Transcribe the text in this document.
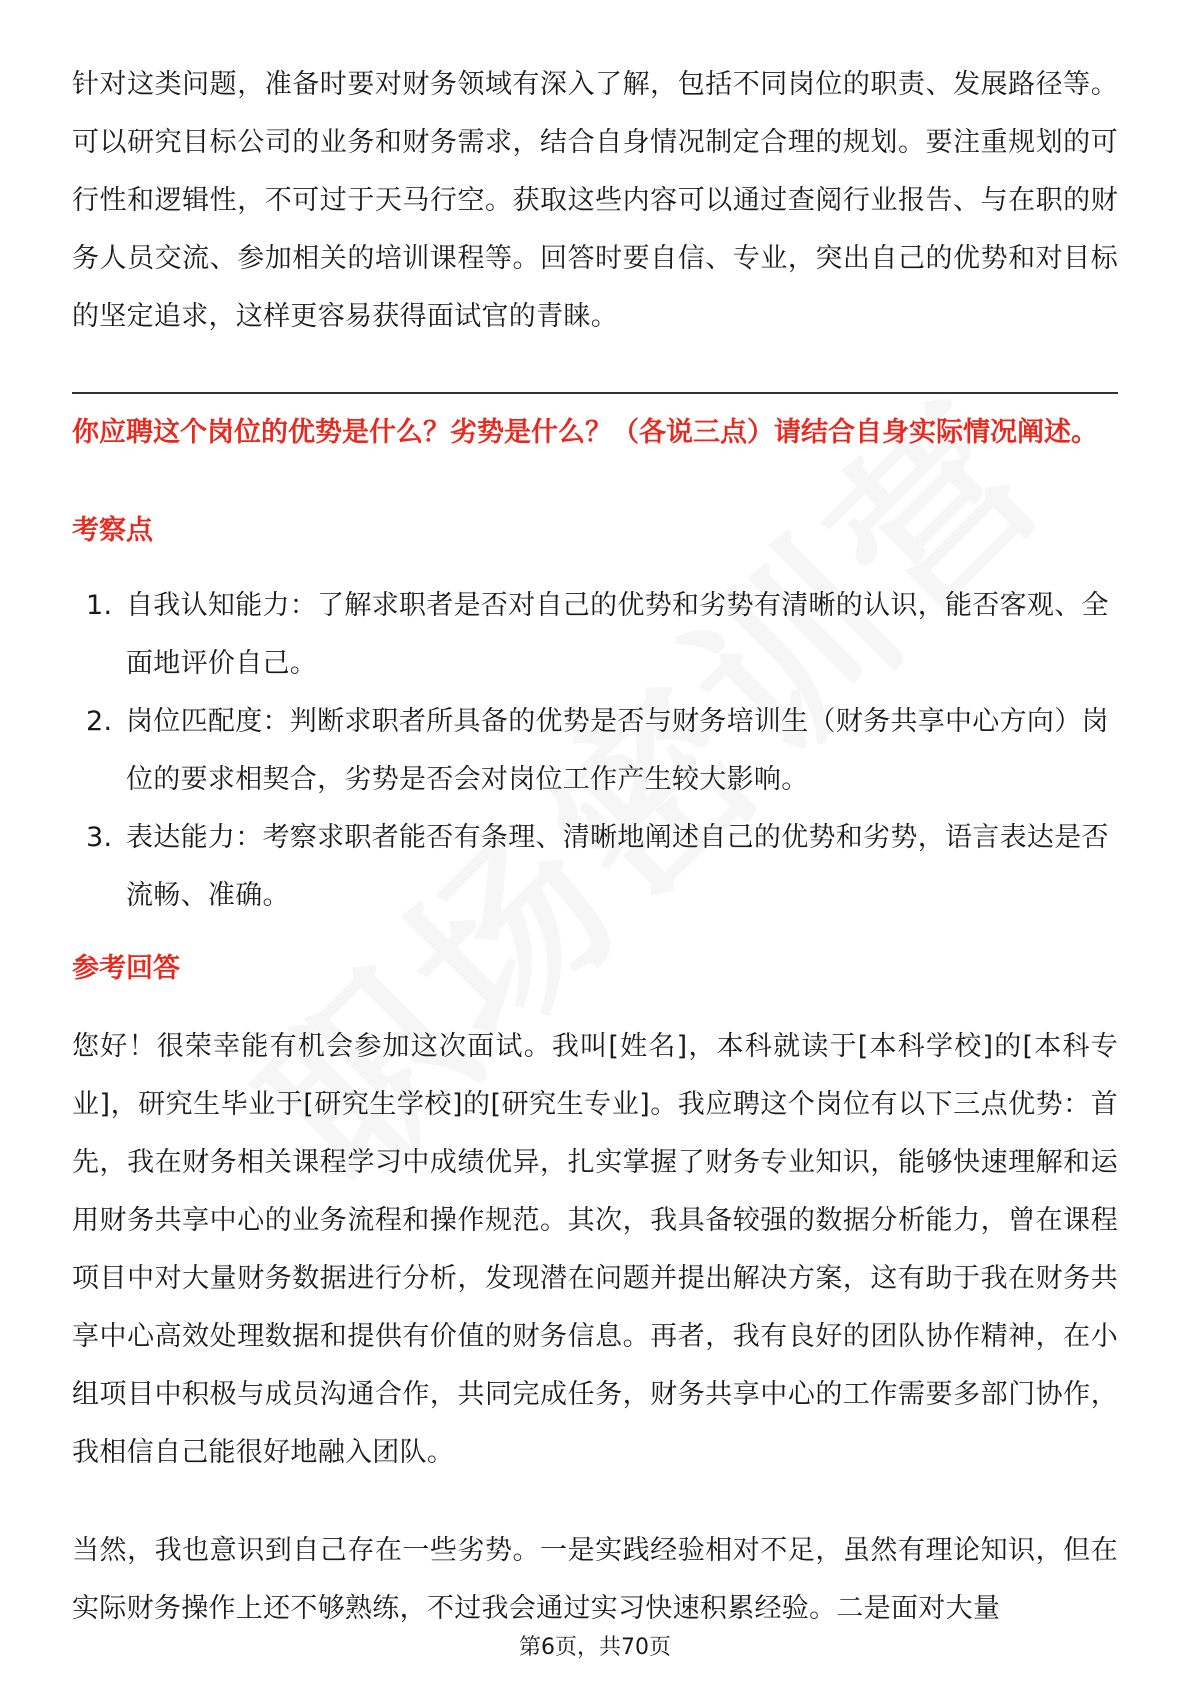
针对这类问题，准备时要对财务领域有深入了解，包括不同岗位的职责、发展路径等。可以研究目标公司的业务和财务需求，结合自身情况制定合理的规划。要注重规划的可行性和逻辑性，不可过于天马行空。获取这些内容可以通过查阅行业报告、与在职的财务人员交流、参加相关的培训课程等。回答时要自信、专业，突出自己的优势和对目标的坚定追求，这样更容易获得面试官的青睐。

你应聘这个岗位的优势是什么？劣势是什么？（各说三点）请结合自身实际情况阐述。

考察点

1. 自我认知能力：了解求职者是否对自己的优势和劣势有清晰的认识，能否客观、全面地评价自己。
2. 岗位匹配度：判断求职者所具备的优势是否与财务培训生（财务共享中心方向）岗位的要求相契合，劣势是否会对岗位工作产生较大影响。
3. 表达能力：考察求职者能否有条理、清晰地阐述自己的优势和劣势，语言表达是否流畅、准确。

参考回答

您好！很荣幸能有机会参加这次面试。我叫[姓名]，本科就读于[本科学校]的[本科专业]，研究生毕业于[研究生学校]的[研究生专业]。我应聘这个岗位有以下三点优势：首先，我在财务相关课程学习中成绩优异，扎实掌握了财务专业知识，能够快速理解和运用财务共享中心的业务流程和操作规范。其次，我具备较强的数据分析能力，曾在课程项目中对大量财务数据进行分析，发现潜在问题并提出解决方案，这有助于我在财务共享中心高效处理数据和提供有价值的财务信息。再者，我有良好的团队协作精神，在小组项目中积极与成员沟通合作，共同完成任务，财务共享中心的工作需要多部门协作，我相信自己能很好地融入团队。

当然，我也意识到自己存在一些劣势。一是实践经验相对不足，虽然有理论知识，但在实际财务操作上还不够熟练，不过我会通过实习快速积累经验。二是面对大量

第6页，共70页
